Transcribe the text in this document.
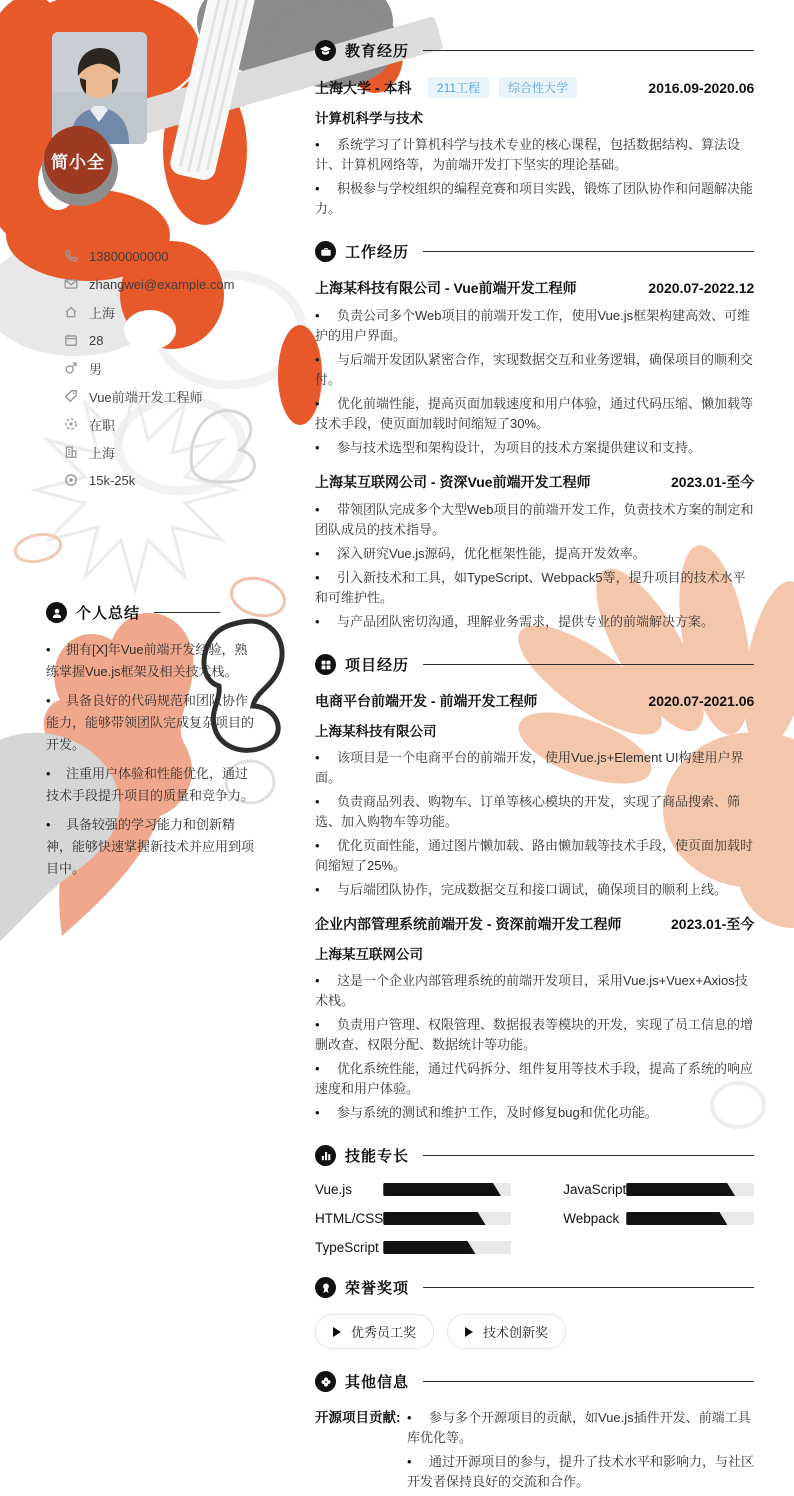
简小全
13800000000
zhangwei@example.com
上海
28
男
Vue前端开发工程师
在职
上海
15k-25k
个人总结
• 拥有[X]年Vue前端开发经验，熟练掌握Vue.js框架及相关技术栈。
• 具备良好的代码规范和团队协作能力，能够带领团队完成复杂项目的开发。
• 注重用户体验和性能优化，通过技术手段提升项目的质量和竞争力。
• 具备较强的学习能力和创新精神，能够快速掌握新技术并应用到项目中。
教育经历
上海大学 - 本科	211工程	综合性大学	2016.09-2020.06
计算机科学与技术
• 系统学习了计算机科学与技术专业的核心课程，包括数据结构、算法设计、计算机网络等，为前端开发打下坚实的理论基础。
• 积极参与学校组织的编程竞赛和项目实践，锻炼了团队协作和问题解决能力。
工作经历
上海某科技有限公司 - Vue前端开发工程师	2020.07-2022.12
• 负责公司多个Web项目的前端开发工作，使用Vue.js框架构建高效、可维护的用户界面。
• 与后端开发团队紧密合作，实现数据交互和业务逻辑，确保项目的顺利交付。
• 优化前端性能，提高页面加载速度和用户体验，通过代码压缩、懒加载等技术手段，使页面加载时间缩短了30%。
• 参与技术选型和架构设计，为项目的技术方案提供建议和支持。
上海某互联网公司 - 资深Vue前端开发工程师	2023.01-至今
• 带领团队完成多个大型Web项目的前端开发工作，负责技术方案的制定和团队成员的技术指导。
• 深入研究Vue.js源码，优化框架性能，提高开发效率。
• 引入新技术和工具，如TypeScript、Webpack5等，提升项目的技术水平和可维护性。
• 与产品团队密切沟通，理解业务需求，提供专业的前端解决方案。
项目经历
电商平台前端开发 - 前端开发工程师	2020.07-2021.06
上海某科技有限公司
• 该项目是一个电商平台的前端开发，使用Vue.js+Element UI构建用户界面。
• 负责商品列表、购物车、订单等核心模块的开发，实现了商品搜索、筛选、加入购物车等功能。
• 优化页面性能，通过图片懒加载、路由懒加载等技术手段，使页面加载时间缩短了25%。
• 与后端团队协作，完成数据交互和接口调试，确保项目的顺利上线。
企业内部管理系统前端开发 - 资深前端开发工程师	2023.01-至今
上海某互联网公司
• 这是一个企业内部管理系统的前端开发项目，采用Vue.js+Vuex+Axios技术栈。
• 负责用户管理、权限管理、数据报表等模块的开发，实现了员工信息的增删改查、权限分配、数据统计等功能。
• 优化系统性能，通过代码拆分、组件复用等技术手段，提高了系统的响应速度和用户体验。
• 参与系统的测试和维护工作，及时修复bug和优化功能。
技能专长
Vue.js	JavaScript
HTML/CSS	Webpack
TypeScript
荣誉奖项
优秀员工奖	技术创新奖
其他信息
开源项目贡献:	• 参与多个开源项目的贡献，如Vue.js插件开发、前端工具库优化等。
• 通过开源项目的参与，提升了技术水平和影响力，与社区开发者保持良好的交流和合作。
